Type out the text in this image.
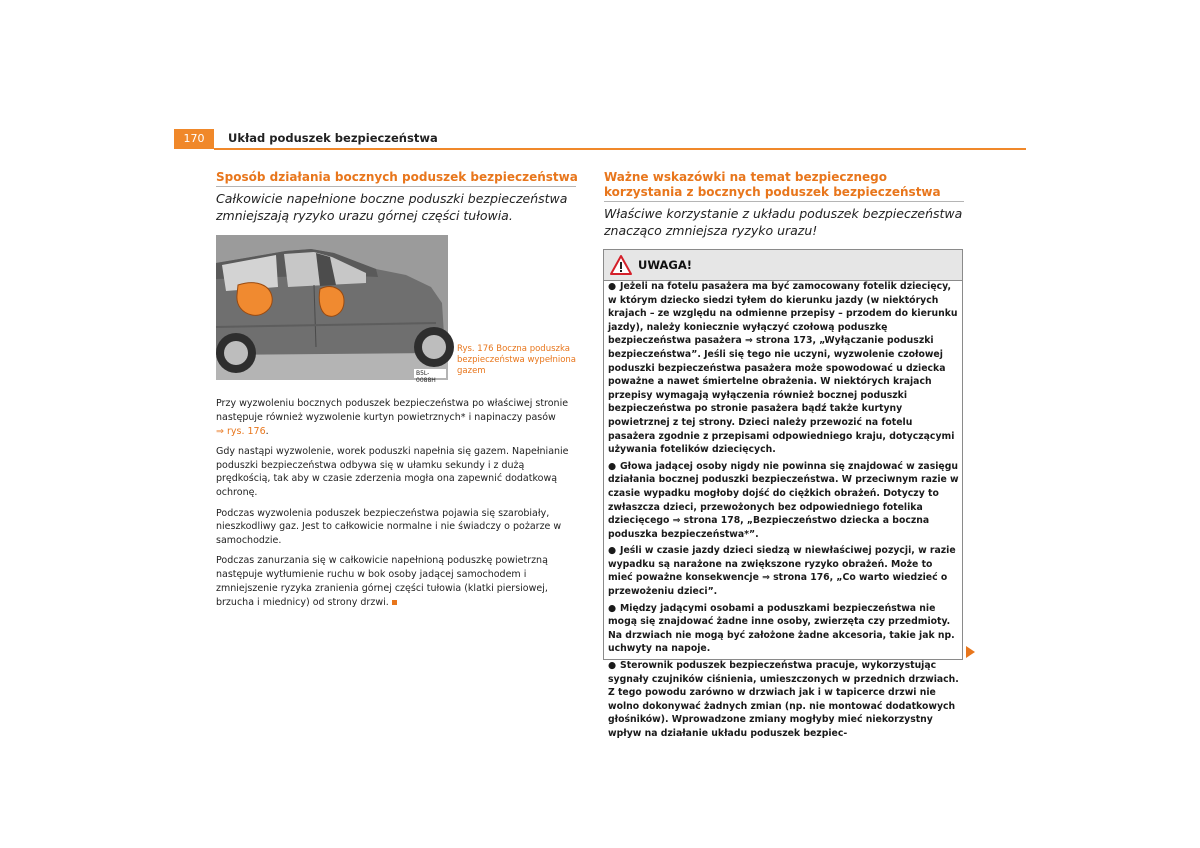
170	Układ poduszek bezpieczeństwa
Sposób działania bocznych poduszek bezpieczeństwa
Całkowicie napełnione boczne poduszki bezpieczeństwa zmniejszają ryzyko urazu górnej części tułowia.
B5L-0088H
Rys. 176 Boczna poduszka bezpieczeństwa wypełniona gazem

Przy wyzwoleniu bocznych poduszek bezpieczeństwa po właściwej stronie następuje również wyzwolenie kurtyn powietrznych* i napinaczy pasów
⇒ rys. 176.

Gdy nastąpi wyzwolenie, worek poduszki napełnia się gazem. Napełnianie poduszki bezpieczeństwa odbywa się w ułamku sekundy i z dużą prędkością, tak aby w czasie zderzenia mogła ona zapewnić dodatkową ochronę.

Podczas wyzwolenia poduszek bezpieczeństwa pojawia się szarobiały, nieszkodliwy gaz. Jest to całkowicie normalne i nie świadczy o pożarze w samochodzie.

Podczas zanurzania się w całkowicie napełnioną poduszkę powietrzną następuje wytłumienie ruchu w bok osoby jadącej samochodem i zmniejszenie ryzyka zranienia górnej części tułowia (klatki piersiowej, brzucha i miednicy) od strony drzwi.

Ważne wskazówki na temat bezpiecznego korzystania z bocznych poduszek bezpieczeństwa
Właściwe korzystanie z układu poduszek bezpieczeństwa znacząco zmniejsza ryzyko urazu!
UWAGA!

● Jeżeli na fotelu pasażera ma być zamocowany fotelik dziecięcy, w którym dziecko siedzi tyłem do kierunku jazdy (w niektórych krajach – ze względu na odmienne przepisy – przodem do kierunku jazdy), należy koniecznie wyłączyć czołową poduszkę bezpieczeństwa pasażera ⇒ strona 173, „Wyłączanie poduszki bezpieczeństwa”. Jeśli się tego nie uczyni, wyzwolenie czołowej poduszki bezpieczeństwa pasażera może spowodować u dziecka poważne a nawet śmiertelne obrażenia. W niektórych krajach przepisy wymagają wyłączenia również bocznej poduszki bezpieczeństwa po stronie pasażera bądź także kurtyny powietrznej z tej strony. Dzieci należy przewozić na fotelu pasażera zgodnie z przepisami odpowiedniego kraju, dotyczącymi używania fotelików dziecięcych.

● Głowa jadącej osoby nigdy nie powinna się znajdować w zasięgu działania bocznej poduszki bezpieczeństwa. W przeciwnym razie w czasie wypadku mogłoby dojść do ciężkich obrażeń. Dotyczy to zwłaszcza dzieci, przewożonych bez odpowiedniego fotelika dziecięcego ⇒ strona 178, „Bezpieczeństwo dziecka a boczna poduszka bezpieczeństwa*”.

● Jeśli w czasie jazdy dzieci siedzą w niewłaściwej pozycji, w razie wypadku są narażone na zwiększone ryzyko obrażeń. Może to mieć poważne konsekwencje ⇒ strona 176, „Co warto wiedzieć o przewożeniu dzieci”.

● Między jadącymi osobami a poduszkami bezpieczeństwa nie mogą się znajdować żadne inne osoby, zwierzęta czy przedmioty. Na drzwiach nie mogą być założone żadne akcesoria, takie jak np. uchwyty na napoje.

● Sterownik poduszek bezpieczeństwa pracuje, wykorzystując sygnały czujników ciśnienia, umieszczonych w przednich drzwiach. Z tego powodu zarówno w drzwiach jak i w tapicerce drzwi nie wolno dokonywać żadnych zmian (np. nie montować dodatkowych głośników). Wprowadzone zmiany mogłyby mieć niekorzystny wpływ na działanie układu poduszek bezpiec-
